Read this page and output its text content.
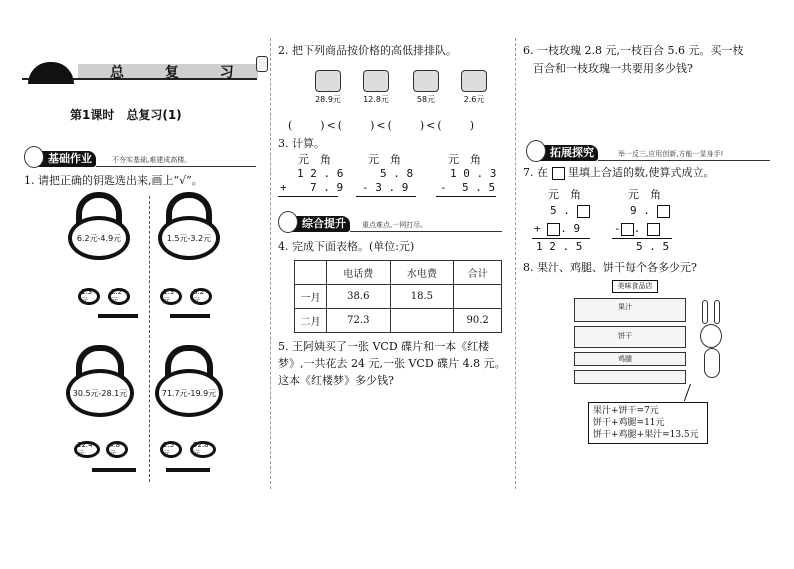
总 复 习
第1课时　总复习(1)
基础作业	不夯实基础,难建成高楼。
1. 请把正确的钥匙选出来,画上“√”。
6.2元-4.9元	1.5元-3.2元
1.3元
2.2元
1.3元
6.2元
30.5元-28.1元	71.7元-19.9元
12.4元
4.8元
2.5元
52.8元
2. 把下列商品按价格的高低排排队。
28.9元	12.8元	58元	2.6元
(　　)<(　　)<(　　)<(　　)
3. 计算。
元　角	元　角	元　角
1 2 . 6
+ 7 . 9
5 . 8
- 3 . 9
1 0 . 3
- 5 . 5
综合提升	重点难点,一网打尽。
4. 完成下面表格。(单位:元)
	电话费	水电费	合计
一月	38.6	18.5	
二月	72.3		90.2
5. 王阿姨买了一张 VCD 碟片和一本《红楼
梦》,一共花去 24 元,一张 VCD 碟片 4.8 元。
这本《红楼梦》多少钱?
6. 一枝玫瑰 2.8 元,一枝百合 5.6 元。买一枝
百合和一枝玫瑰一共要用多少钱?
拓展探究	举一反三,应用创新,方能一显身手!
7. 在 里填上合适的数,使算式成立。
元　角	元　角
5 .
+ . 9
1 2 . 5
9 .
- .
5 . 5
8. 果汁、鸡腿、饼干每个各多少元?
美味食品店
果汁
饼干
鸡腿
果汁+饼干=7元
饼干+鸡腿=11元
饼干+鸡腿+果汁=13.5元
